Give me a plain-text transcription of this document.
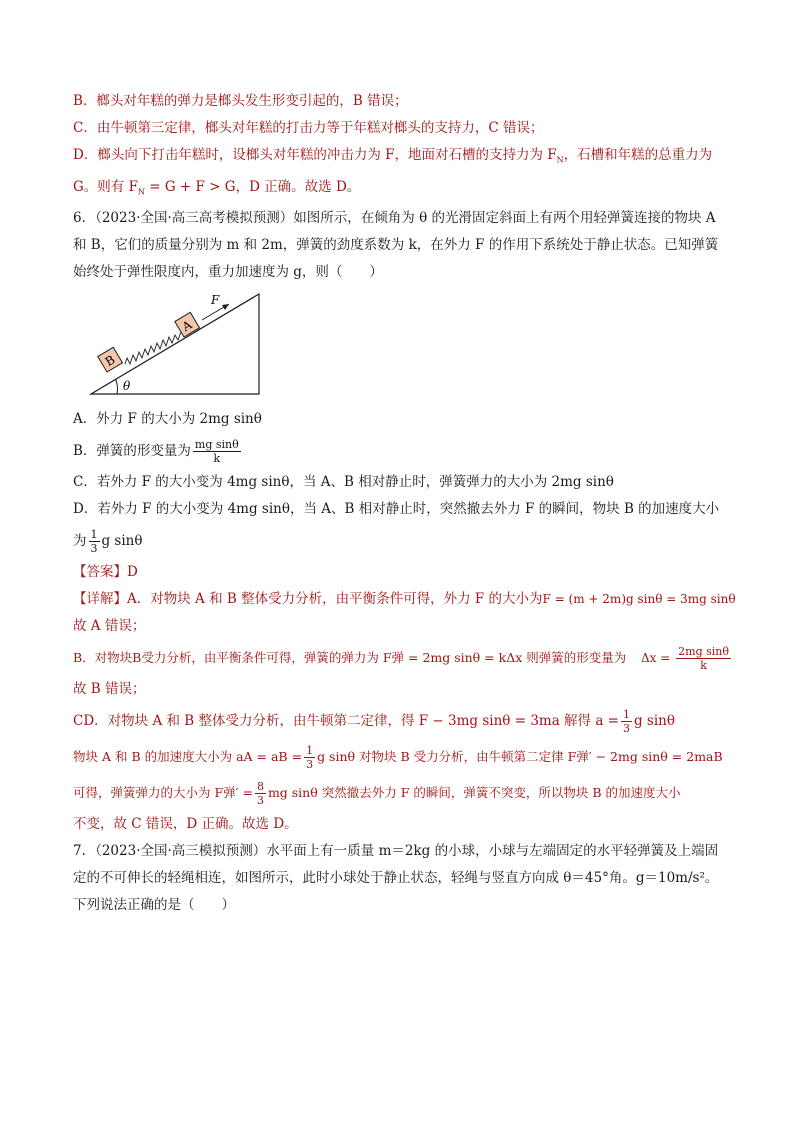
B．榔头对年糕的弹力是榔头发生形变引起的，B 错误；
C．由牛顿第三定律，榔头对年糕的打击力等于年糕对榔头的支持力，C 错误；
D．榔头向下打击年糕时，设榔头对年糕的冲击力为 F，地面对石槽的支持力为 $F_N$，石槽和年糕的总重力为
G。则有 $F_N = G + F > G$，D 正确。故选 D。
6．（2023·全国·高三高考模拟预测）如图所示，在倾角为 θ 的光滑固定斜面上有两个用轻弹簧连接的物块 A
和 B，它们的质量分别为 m 和 2m，弹簧的劲度系数为 k，在外力 F 的作用下系统处于静止状态。已知弹簧
始终处于弹性限度内，重力加速度为 g，则（　　）
θ
B
A
F
A．外力 F 的大小为 2mg sinθ
B．弹簧的形变量为 $\frac{\text{mg sinθ}}{k}$
C．若外力 F 的大小变为 4mg sinθ，当 A、B 相对静止时，弹簧弹力的大小为 2mg sinθ
D．若外力 F 的大小变为 4mg sinθ，当 A、B 相对静止时，突然撤去外力 F 的瞬间，物块 B 的加速度大小
为 $\frac{1}{3}$ g sinθ
【答案】D
【详解】A．对物块 A 和 B 整体受力分析，由平衡条件可得，外力 F 的大小为 F = (m + 2m)g sinθ = 3mg sinθ
故 A 错误；
B．对物块B受力分析，由平衡条件可得，弹簧的弹力为 F弹 = 2mg sinθ = kΔx 则弹簧的形变量为 $\Delta x = \frac{\text{2mg sinθ}}{k}$
故 B 错误；
CD．对物块 A 和 B 整体受力分析，由牛顿第二定律，得 F − 3mg sinθ = 3ma 解得 $a = \frac{1}{3}$ g sinθ
物块 A 和 B 的加速度大小为 aA = aB = $\frac{1}{3}$ g sinθ 对物块 B 受力分析，由牛顿第二定律 F弹′ − 2mg sinθ = 2maB
可得，弹簧弹力的大小为 F弹′ = $\frac{8}{3}$ mg sinθ 突然撤去外力 F 的瞬间，弹簧不突变，所以物块 B 的加速度大小
不变，故 C 错误，D 正确。故选 D。
7．（2023·全国·高三模拟预测）水平面上有一质量 m＝2kg 的小球，小球与左端固定的水平轻弹簧及上端固
定的不可伸长的轻绳相连，如图所示，此时小球处于静止状态，轻绳与竖直方向成 θ＝45°角。g＝10m/s²。
下列说法正确的是（　　）
